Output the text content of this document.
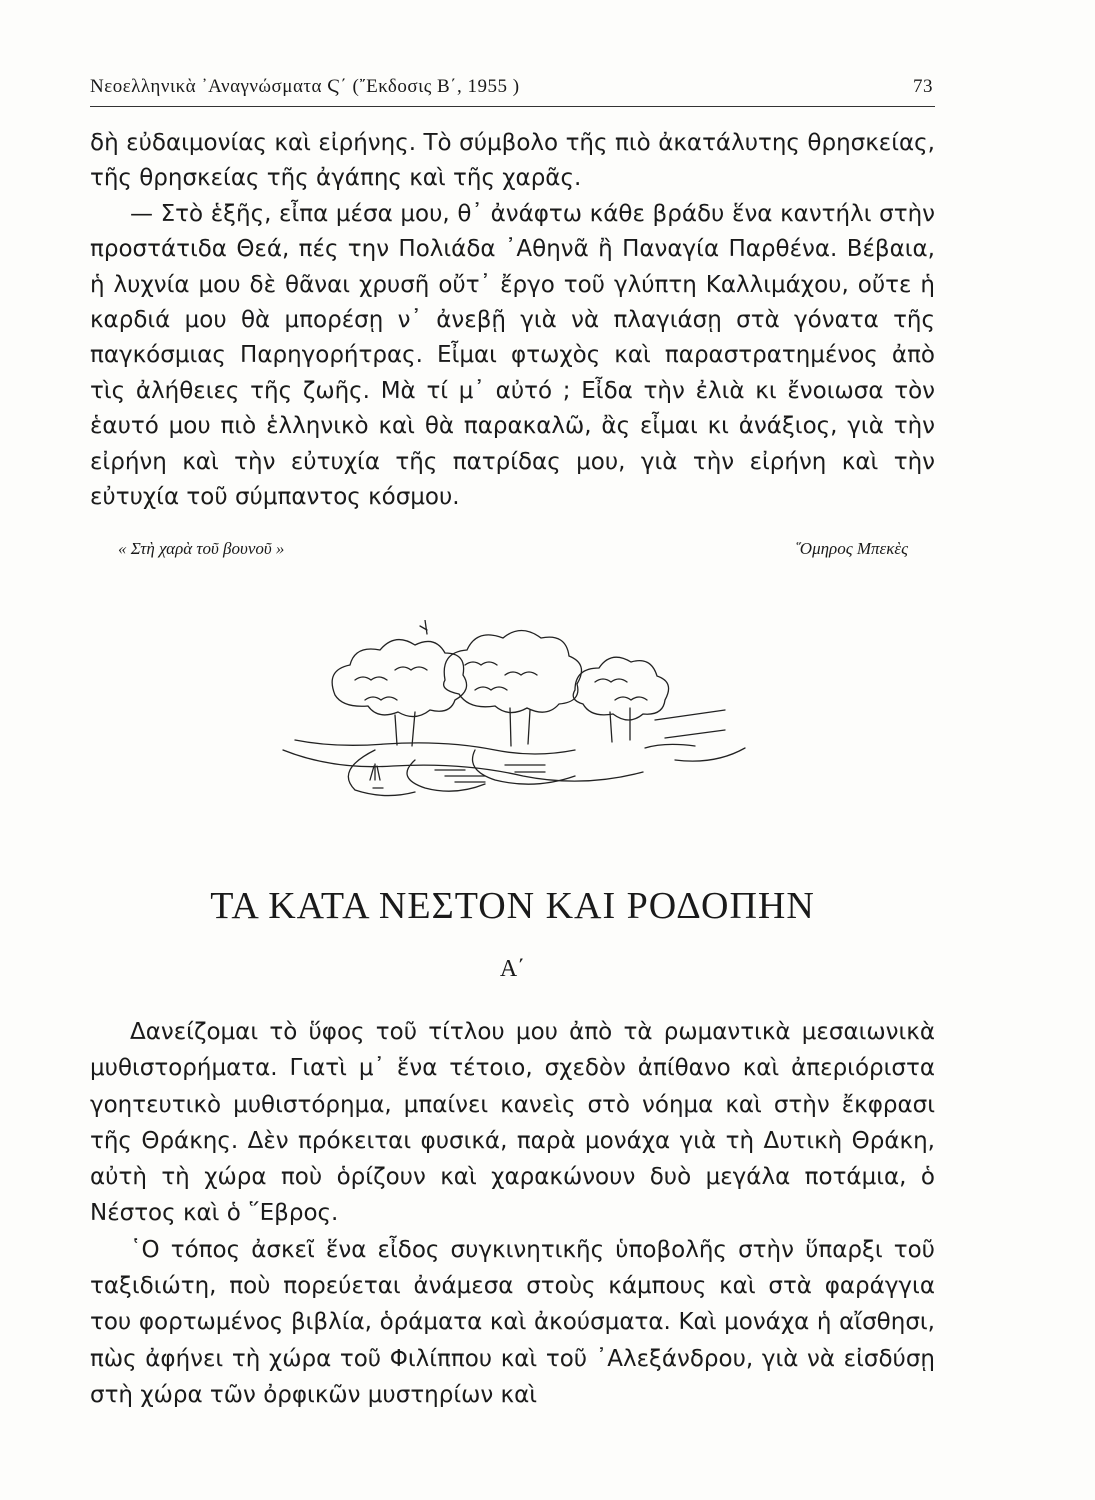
Νεοελληνικὰ ᾿Αναγνώσματα Ϛ΄ (῎Εκδοσις Β΄, 1955 )	73

δὴ εὐδαιμονίας καὶ εἰρήνης. Τὸ σύμβολο τῆς πιὸ ἀκατάλυτης θρησκείας, τῆς θρησκείας τῆς ἀγάπης καὶ τῆς χαρᾶς.

— Στὸ ἑξῆς, εἶπα μέσα μου, θ᾿ ἀνάφτω κάθε βράδυ ἕνα καντήλι στὴν προστάτιδα Θεά, πές την Πολιάδα ᾿Αθηνᾶ ἢ Παναγία Παρθένα. Βέβαια, ἡ λυχνία μου δὲ θᾶναι χρυσῆ οὔτ᾿ ἔργο τοῦ γλύπτη Καλλιμάχου, οὔτε ἡ καρδιά μου θὰ μπορέσῃ ν᾿ ἀνεβῇ γιὰ νὰ πλαγιάσῃ στὰ γόνατα τῆς παγκόσμιας Παρηγορήτρας. Εἶμαι φτωχὸς καὶ παραστρατημένος ἀπὸ τὶς ἀλήθειες τῆς ζωῆς. Μὰ τί μ᾿ αὐτό ; Εἶδα τὴν ἐλιὰ κι ἔνοιωσα τὸν ἑαυτό μου πιὸ ἑλληνικὸ καὶ θὰ παρακαλῶ, ἂς εἶμαι κι ἀνάξιος, γιὰ τὴν εἰρήνη καὶ τὴν εὐτυχία τῆς πατρίδας μου, γιὰ τὴν εἰρήνη καὶ τὴν εὐτυχία τοῦ σύμπαντος κόσμου.

« Στὴ χαρὰ τοῦ βουνοῦ »	῞Ομηρος Μπεκὲς
ΤΑ ΚΑΤΑ ΝΕΣΤΟΝ ΚΑΙ ΡΟΔΟΠΗΝ
Α΄

Δανείζομαι τὸ ὕφος τοῦ τίτλου μου ἀπὸ τὰ ρωμαντικὰ μεσαιωνικὰ μυθιστορήματα. Γιατὶ μ᾿ ἕνα τέτοιο, σχεδὸν ἀπίθανο καὶ ἀπεριόριστα γοητευτικὸ μυθιστόρημα, μπαίνει κανεὶς στὸ νόημα καὶ στὴν ἔκφρασι τῆς Θράκης. Δὲν πρόκειται φυσικά, παρὰ μονάχα γιὰ τὴ Δυτικὴ Θράκη, αὐτὴ τὴ χώρα ποὺ ὁρίζουν καὶ χαρακώνουν δυὸ μεγάλα ποτάμια, ὁ Νέστος καὶ ὁ ῞Εβρος.

῾Ο τόπος ἀσκεῖ ἕνα εἶδος συγκινητικῆς ὑποβολῆς στὴν ὕπαρξι τοῦ ταξιδιώτη, ποὺ πορεύεται ἀνάμεσα στοὺς κάμπους καὶ στὰ φαράγγια του φορτωμένος βιβλία, ὁράματα καὶ ἀκούσματα. Καὶ μονάχα ἡ αἴσθησι, πὼς ἀφήνει τὴ χώρα τοῦ Φιλίππου καὶ τοῦ ᾿Αλεξάνδρου, γιὰ νὰ εἰσδύσῃ στὴ χώρα τῶν ὀρφικῶν μυστηρίων καὶ
